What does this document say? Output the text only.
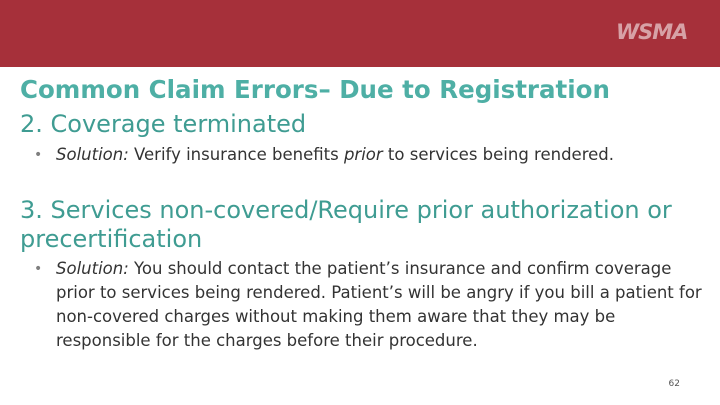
WSMA
Common Claim Errors– Due to Registration
2. Coverage terminated
• Solution: Verify insurance benefits prior to services being rendered.
3. Services non-covered/Require prior authorization or precertification
• Solution: You should contact the patient’s insurance and confirm coverage prior to services being rendered. Patient’s will be angry if you bill a patient for non-covered charges without making them aware that they may be responsible for the charges before their procedure.
62
